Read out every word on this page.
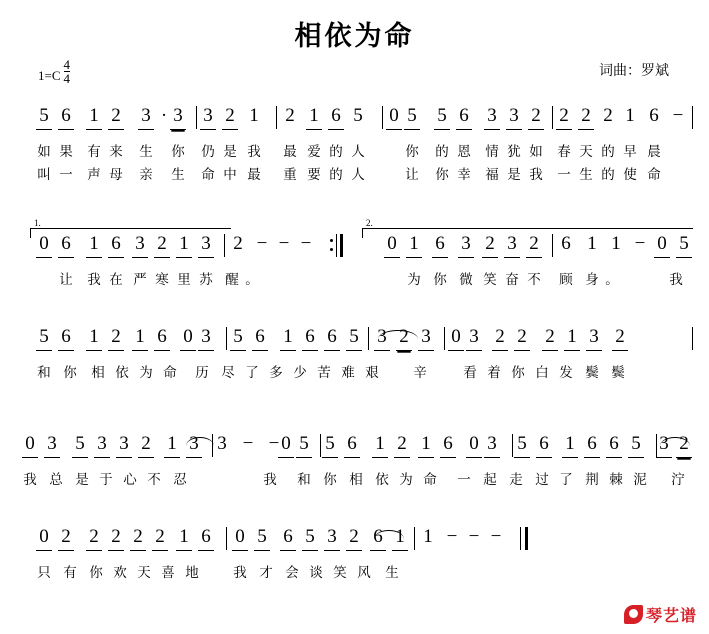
相依为命
$1=C \frac{4}{4}$	词曲：罗斌
5 6 1 2 3 · 3 3 2 1 2 1 6 5 0 5 5 6 3 3 2 2 2 2 1 6 −
如 果 有 来 生 你 仍 是 我 最 爱 的 人	你 的 恩 情 犹 如 春 天 的 早 晨
叫 一 声 母 亲 生 命 中 最 重 要 的 人	让 你 幸 福 是 我 一 生 的 使 命
0 6 1 6 3 2 1 3 2 − − −	0 1 6 3 2 3 2 6 1 1 − 0 5
让 我 在 严 寒 里 苏 醒 。	为 你 微 笑 奋 不 顾 身 。	我
5 6 1 2 1 6 0 3 5 6 1 6 6 5 3 2 3 0 3 2 2 2 1 3 2
和 你 相 依 为 命 历 尽 了 多 少 苦 难 艰	辛	看 着 你 白 发 鬓 鬓
0 3 5 3 3 2 1 3 3 − − 0 5 5 6 1 2 1 6 0 3 5 6 1 6 6 5 3 2
我 总 是 于 心 不 忍	我 和 你 相 依 为 命 一 起 走 过 了 荆 棘 泥 泞
0 2 2 2 2 2 1 6 0 5 6 5 3 2 6 1 1 − − −
只 有 你 欢 天 喜 地	我 才 会 谈 笑 风 生
1.	2.
琴艺谱
